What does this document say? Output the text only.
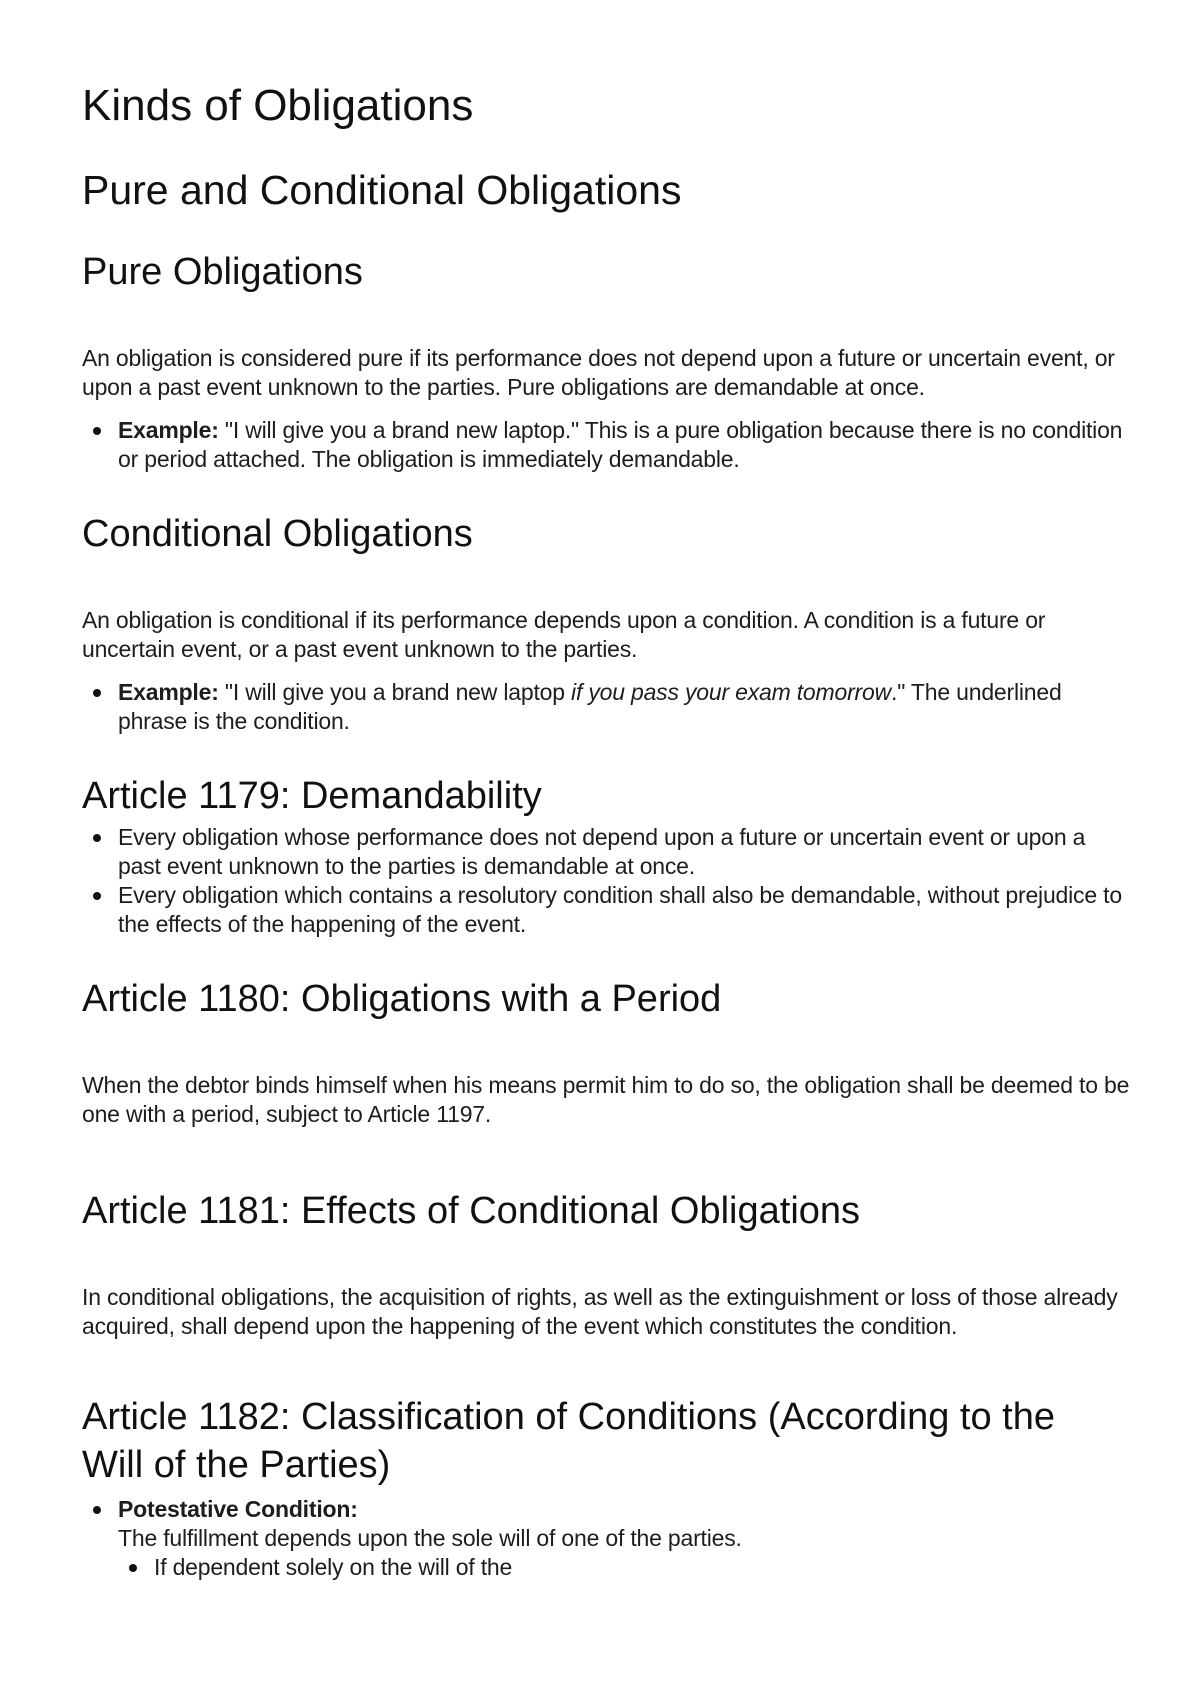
Kinds of Obligations
Pure and Conditional Obligations
Pure Obligations

An obligation is considered pure if its performance does not depend upon a future or uncertain event, or upon a past event unknown to the parties. Pure obligations are demandable at once.

Example: "I will give you a brand new laptop." This is a pure obligation because there is no condition or period attached. The obligation is immediately demandable.
Conditional Obligations

An obligation is conditional if its performance depends upon a condition. A condition is a future or uncertain event, or a past event unknown to the parties.

Example: "I will give you a brand new laptop if you pass your exam tomorrow." The underlined phrase is the condition.
Article 1179: Demandability
Every obligation whose performance does not depend upon a future or uncertain event or upon a past event unknown to the parties is demandable at once.
Every obligation which contains a resolutory condition shall also be demandable, without prejudice to the effects of the happening of the event.
Article 1180: Obligations with a Period

When the debtor binds himself when his means permit him to do so, the obligation shall be deemed to be one with a period, subject to Article 1197.

Article 1181: Effects of Conditional Obligations

In conditional obligations, the acquisition of rights, as well as the extinguishment or loss of those already acquired, shall depend upon the happening of the event which constitutes the condition.

Article 1182: Classification of Conditions (According to the Will of the Parties)
Potestative Condition:
The fulfillment depends upon the sole will of one of the parties.
If dependent solely on the will of the
